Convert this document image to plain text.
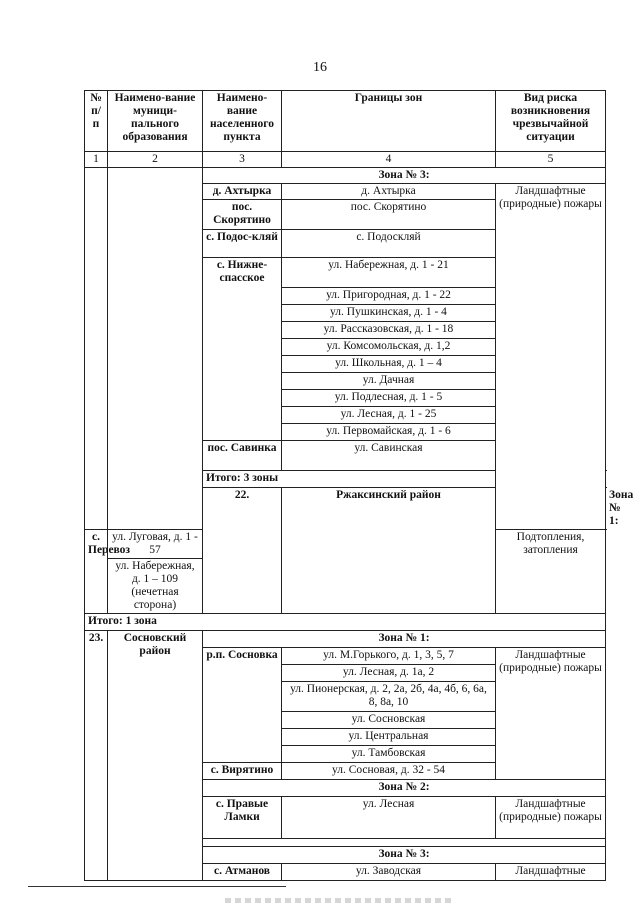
16
№ п/п	Наимено-вание муници-пального образования	Наимено-вание населенного пункта	Границы зон	Вид риска возникновения чрезвычайной ситуации	
1	2	3	4	5	
		Зона № 3:			
		д. Ахтырка	д. Ахтырка	Ландшафтные (природные) пожары	
		пос. Скорятино	пос. Скорятино		
		с. Подос-кляй	с. Подоскляй		
		с. Нижне-спасское	ул. Набережная, д. 1 - 21		
			ул. Пригородная, д. 1 - 22		
			ул. Пушкинская, д. 1 - 4		
			ул. Рассказовская, д. 1 - 18		
			ул. Комсомольская, д. 1,2		
			ул. Школьная, д. 1 – 4		
			ул. Дачная		
			ул. Подлесная, д. 1 - 5		
			ул. Лесная, д. 1 - 25		
			ул. Первомайская, д. 1 - 6		
		пос. Савинка	ул. Савинская		
		Итого: 3 зоны			
		22.	Ржаксинский район		Зона № 1:
с. Перевоз	ул. Луговая, д. 1 - 57			Подтопления, затопления	
	ул. Набережная, д. 1 – 109 (нечетная сторона)				
Итого: 1 зона					
23.	Сосновский район	Зона № 1:			
		р.п. Сосновка	ул. М.Горького, д. 1, 3, 5, 7	Ландшафтные (природные) пожары	
			ул. Лесная, д. 1а, 2		
			ул. Пионерская, д. 2, 2а, 2б, 4а, 4б, 6, 6а, 8, 8а, 10		
			ул. Сосновская		
			ул. Центральная		
			ул. Тамбовская		
		с. Вирятино	ул. Сосновая, д. 32 - 54		
		Зона № 2:			
		с. Правые Ламки	ул. Лесная	Ландшафтные (природные) пожары	

		Зона № 3:			
		с. Атманов	ул. Заводская	Ландшафтные	
